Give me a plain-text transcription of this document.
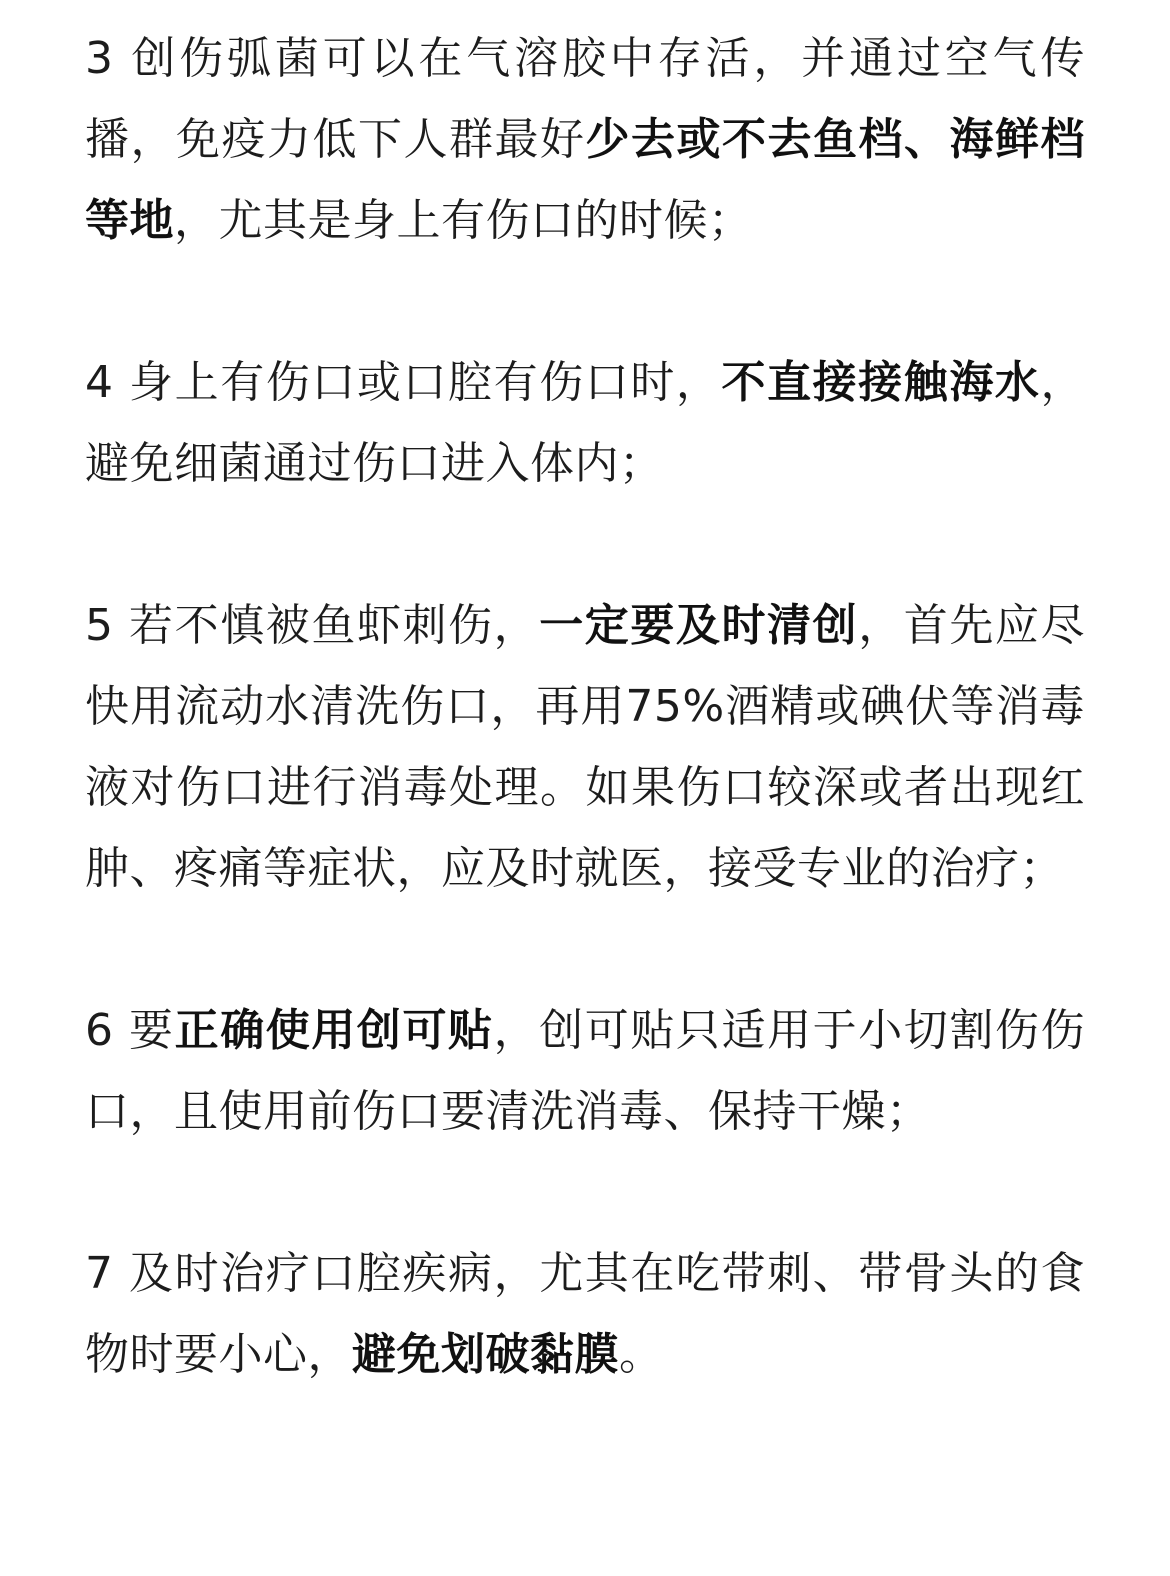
3 创伤弧菌可以在气溶胶中存活，并通过空气传播，免疫力低下人群最好少去或不去鱼档、海鲜档等地，尤其是身上有伤口的时候；

4 身上有伤口或口腔有伤口时，不直接接触海水，避免细菌通过伤口进入体内；

5 若不慎被鱼虾刺伤，一定要及时清创，首先应尽快用流动水清洗伤口，再用75%酒精或碘伏等消毒液对伤口进行消毒处理。如果伤口较深或者出现红肿、疼痛等症状，应及时就医，接受专业的治疗；

6 要正确使用创可贴，创可贴只适用于小切割伤伤口，且使用前伤口要清洗消毒、保持干燥；

7 及时治疗口腔疾病，尤其在吃带刺、带骨头的食物时要小心，避免划破黏膜。
